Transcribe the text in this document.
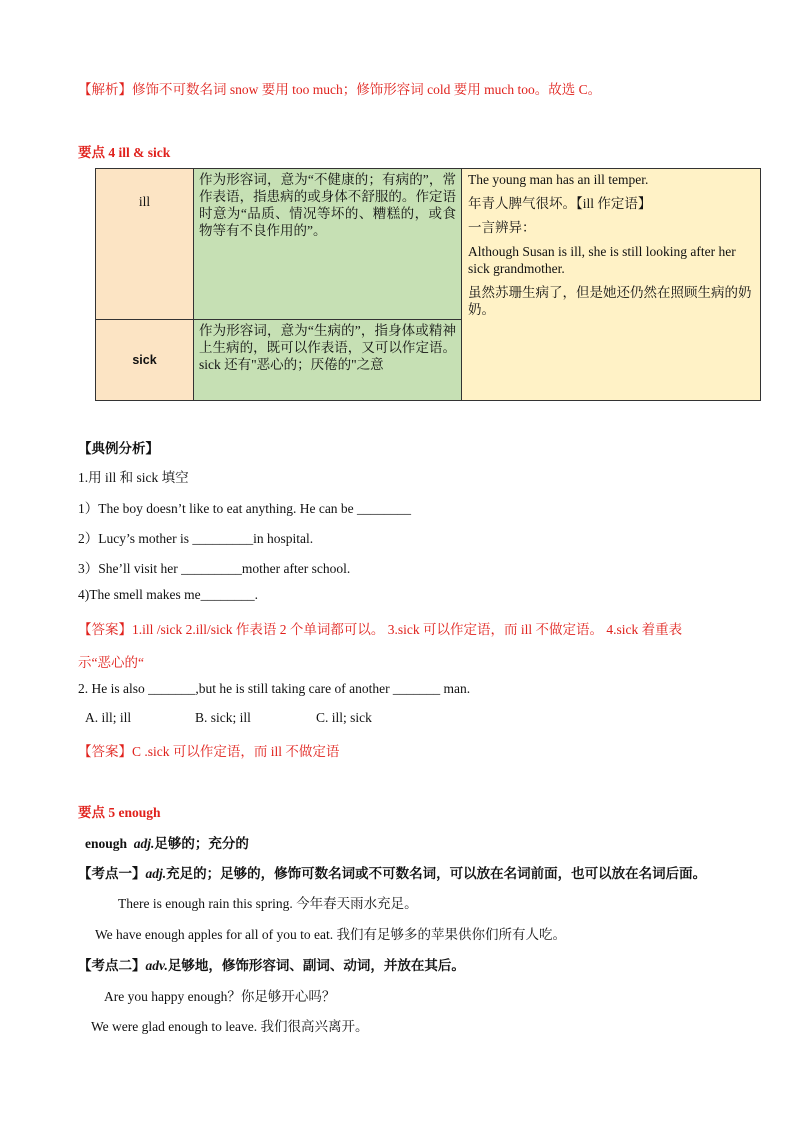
【解析】修饰不可数名词 snow 要用 too much；修饰形容词 cold 要用 much too。故选 C。
要点 4 ill & sick
ill	作为形容词，意为“不健康的；有病的”，常作表语，指患病的或身体不舒服的。作定语时意为“品质、情况等坏的、糟糕的，或食物等有不良作用的”。	The young man has an ill temper.

年青人脾气很坏。【ill 作定语】

一言辨异：

Although Susan is ill, she is still looking after her sick grandmother.

虽然苏珊生病了，但是她还仍然在照顾生病的奶奶。

sick	作为形容词，意为“生病的”，指身体或精神上生病的，既可以作表语，又可以作定语。sick 还有"恶心的；厌倦的"之意	
【典例分析】
1.用 ill 和 sick 填空
1）The boy doesn’t like to eat anything. He can be ________
2）Lucy’s mother is _________in hospital.
3）She’ll visit her _________mother after school.
4)The smell makes me________.
【答案】1.ill /sick 2.ill/sick 作表语 2 个单词都可以。 3.sick 可以作定语，而 ill 不做定语。 4.sick 着重表
示“恶心的“
2. He is also _______,but he is still taking care of another _______ man.
A. ill; ill	B. sick; ill	C. ill; sick
【答案】C .sick 可以作定语，而 ill 不做定语
要点 5 enough
enough adj.足够的；充分的
【考点一】adj.充足的；足够的，修饰可数名词或不可数名词，可以放在名词前面，也可以放在名词后面。
There is enough rain this spring. 今年春天雨水充足。
We have enough apples for all of you to eat. 我们有足够多的苹果供你们所有人吃。
【考点二】adv.足够地，修饰形容词、副词、动词，并放在其后。
Are you happy enough？你足够开心吗？
We were glad enough to leave. 我们很高兴离开。
